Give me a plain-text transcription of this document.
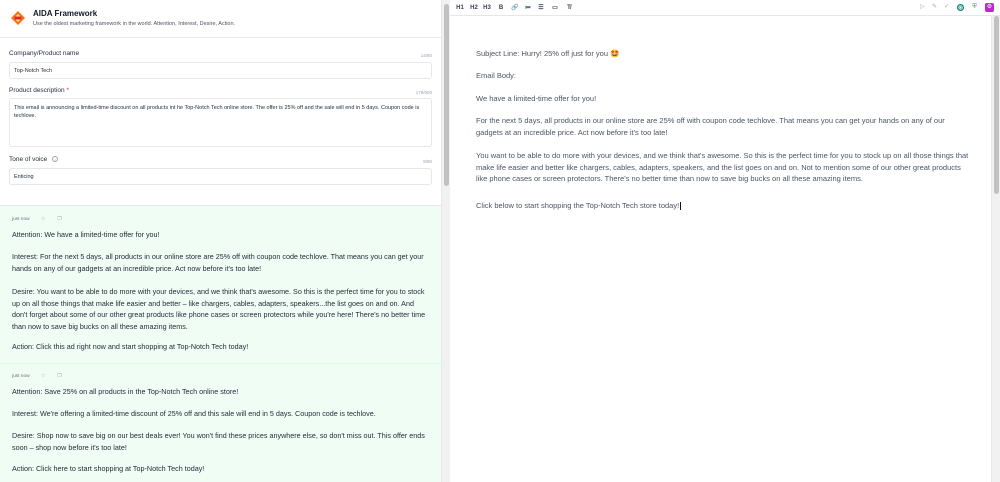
AIDA Framework
Use the oldest marketing framework in the world. Attention, Interest, Desire, Action.
Company/Product name	14/80
Top-Notch Tech
Product description *	179/600
This email is announcing a limited-time discount on all products int he Top-Notch Tech online store. The offer is 25% off and the sale will end in 5 days. Coupon code is techlove.
Tone of voice i	8/80
Enticing
just now ☆ ❐

Attention: We have a limited-time offer for you!

Interest: For the next 5 days, all products in our online store are 25% off with coupon code techlove. That means you can get your hands on any of our gadgets at an incredible price. Act now before it's too late!

Desire: You want to be able to do more with your devices, and we think that's awesome. So this is the perfect time for you to stock up on all those things that make life easier and better – like chargers, cables, adapters, speakers...the list goes on and on. And don't forget about some of our other great products like phone cases or screen protectors while you're here! There's no better time than now to save big bucks on all these amazing items.

Action: Click this ad right now and start shopping at Top-Notch Tech today!

just now ☆ ❐

Attention: Save 25% on all products in the Top-Notch Tech online store!

Interest: We're offering a limited-time discount of 25% off and this sale will end in 5 days. Coupon code is techlove.

Desire: Shop now to save big on our best deals ever! You won't find these prices anywhere else, so don't miss out. This offer ends soon – shop now before it's too late!

Action: Click here to start shopping at Top-Notch Tech today!

H1 H2 H3	B	🔗	≔	☰	▭	T̸	▷	✎	✓	@	⛨	⚙

Subject Line: Hurry! 25% off just for you 🤩

Email Body:

We have a limited-time offer for you!

For the next 5 days, all products in our online store are 25% off with coupon code techlove. That means you can get your hands on any of our gadgets at an incredible price. Act now before it's too late!

You want to be able to do more with your devices, and we think that's awesome. So this is the perfect time for you to stock up on all those things that make life easier and better like chargers, cables, adapters, speakers, and the list goes on and on. Not to mention some of our other great products like phone cases or screen protectors. There's no better time than now to save big bucks on all these amazing items.

Click below to start shopping the Top-Notch Tech store today!
